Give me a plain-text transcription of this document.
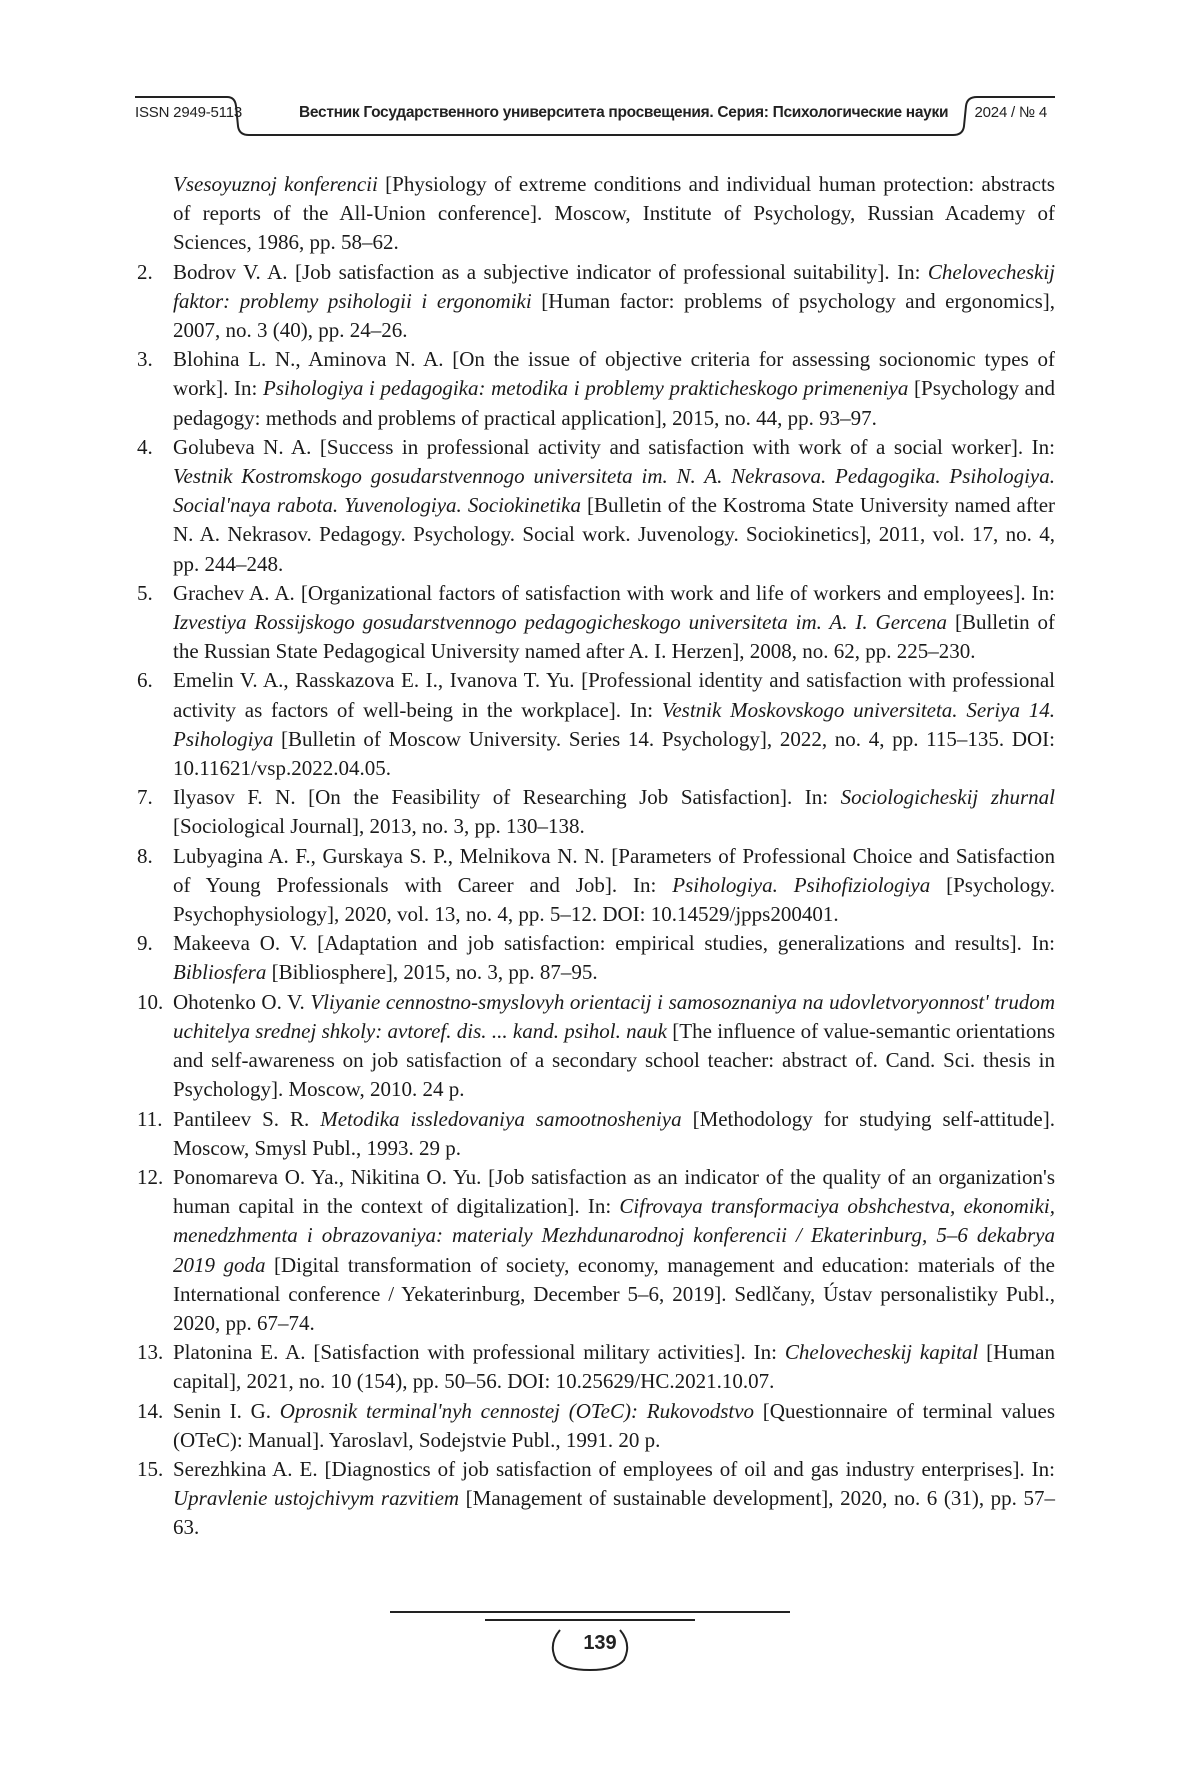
ISSN 2949-5113	Вестник Государственного университета просвещения. Серия: Психологические науки 2024 / № 4
Vsesoyuznoj konferencii [Physiology of extreme conditions and individual human protection: abstracts of reports of the All-Union conference]. Moscow, Institute of Psychology, Russian Academy of Sciences, 1986, pp. 58–62.
2. Bodrov V. A. [Job satisfaction as a subjective indicator of professional suitability]. In: Chelovecheskij faktor: problemy psihologii i ergonomiki [Human factor: problems of psychology and ergonomics], 2007, no. 3 (40), pp. 24–26.
3. Blohina L. N., Aminova N. A. [On the issue of objective criteria for assessing socionomic types of work]. In: Psihologiya i pedagogika: metodika i problemy prakticheskogo primeneniya [Psychology and pedagogy: methods and problems of practical application], 2015, no. 44, pp. 93–97.
4. Golubeva N. A. [Success in professional activity and satisfaction with work of a social worker]. In: Vestnik Kostromskogo gosudarstvennogo universiteta im. N. A. Nekrasova. Pedagogika. Psihologiya. Social'naya rabota. Yuvenologiya. Sociokinetika [Bulletin of the Kostroma State University named after N. A. Nekrasov. Pedagogy. Psychology. Social work. Juvenology. Sociokinetics], 2011, vol. 17, no. 4, pp. 244–248.
5. Grachev A. A. [Organizational factors of satisfaction with work and life of workers and employees]. In: Izvestiya Rossijskogo gosudarstvennogo pedagogicheskogo universiteta im. A. I. Gercena [Bulletin of the Russian State Pedagogical University named after A. I. Herzen], 2008, no. 62, pp. 225–230.
6. Emelin V. A., Rasskazova E. I., Ivanova T. Yu. [Professional identity and satisfaction with professional activity as factors of well-being in the workplace]. In: Vestnik Moskovskogo universiteta. Seriya 14. Psihologiya [Bulletin of Moscow University. Series 14. Psychology], 2022, no. 4, pp. 115–135. DOI: 10.11621/vsp.2022.04.05.
7. Ilyasov F. N. [On the Feasibility of Researching Job Satisfaction]. In: Sociologicheskij zhurnal [Sociological Journal], 2013, no. 3, pp. 130–138.
8. Lubyagina A. F., Gurskaya S. P., Melnikova N. N. [Parameters of Professional Choice and Satisfaction of Young Professionals with Career and Job]. In: Psihologiya. Psihofiziologiya [Psychology. Psychophysiology], 2020, vol. 13, no. 4, pp. 5–12. DOI: 10.14529/jpps200401.
9. Makeeva O. V. [Adaptation and job satisfaction: empirical studies, generalizations and results]. In: Bibliosfera [Bibliosphere], 2015, no. 3, pp. 87–95.
10. Ohotenko O. V. Vliyanie cennostno-smyslovyh orientacij i samosoznaniya na udovletvoryonnost' trudom uchitelya srednej shkoly: avtoref. dis. ... kand. psihol. nauk [The influence of value-semantic orientations and self-awareness on job satisfaction of a secondary school teacher: abstract of. Cand. Sci. thesis in Psychology]. Moscow, 2010. 24 p.
11. Pantileev S. R. Metodika issledovaniya samootnosheniya [Methodology for studying self-attitude]. Moscow, Smysl Publ., 1993. 29 p.
12. Ponomareva O. Ya., Nikitina O. Yu. [Job satisfaction as an indicator of the quality of an organization's human capital in the context of digitalization]. In: Cifrovaya transformaciya obshchestva, ekonomiki, menedzhmenta i obrazovaniya: materialy Mezhdunarodnoj konferencii / Ekaterinburg, 5–6 dekabrya 2019 goda [Digital transformation of society, economy, management and education: materials of the International conference / Yekaterinburg, December 5–6, 2019]. Sedlčany, Ústav personalistiky Publ., 2020, pp. 67–74.
13. Platonina E. A. [Satisfaction with professional military activities]. In: Chelovecheskij kapital [Human capital], 2021, no. 10 (154), pp. 50–56. DOI: 10.25629/HC.2021.10.07.
14. Senin I. G. Oprosnik terminal'nyh cennostej (OTeC): Rukovodstvo [Questionnaire of terminal values (OTeC): Manual]. Yaroslavl, Sodejstvie Publ., 1991. 20 p.
15. Serezhkina A. E. [Diagnostics of job satisfaction of employees of oil and gas industry enterprises]. In: Upravlenie ustojchivym razvitiem [Management of sustainable development], 2020, no. 6 (31), pp. 57–63.
139
